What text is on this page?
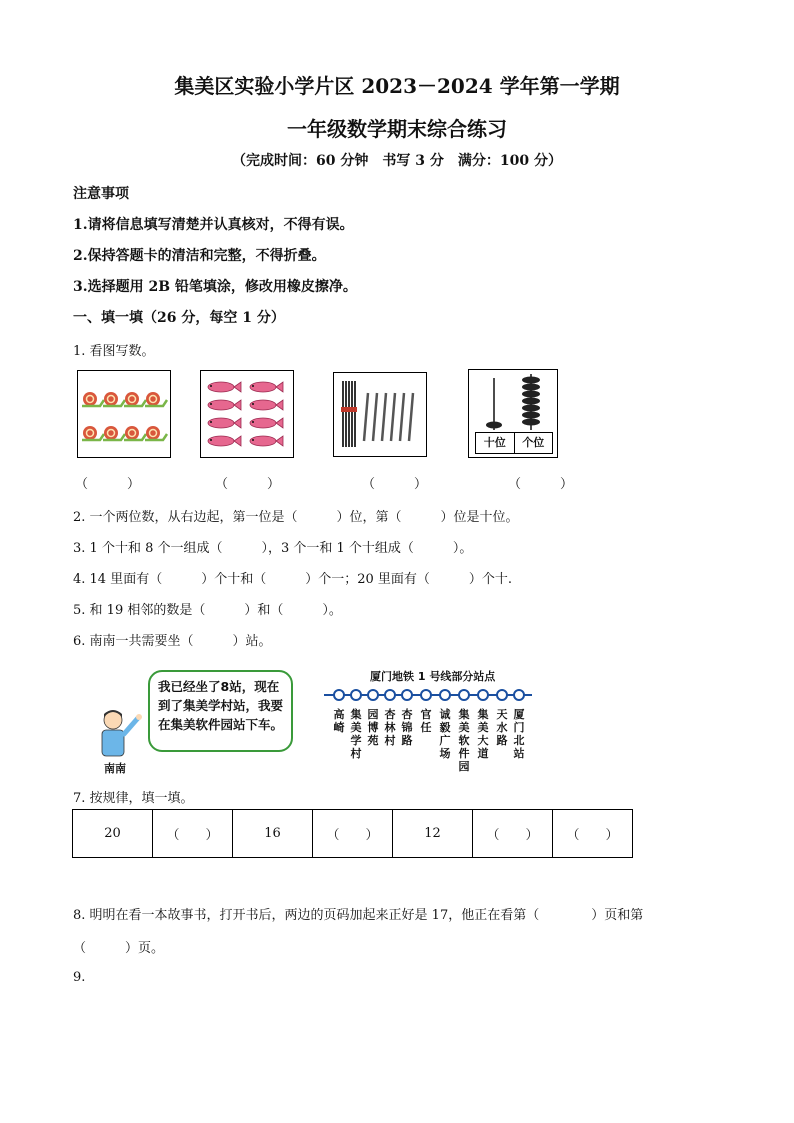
集美区实验小学片区 2023－2024 学年第一学期
一年级数学期末综合练习
（完成时间：60 分钟　书写 3 分　满分：100 分）
注意事项
1.请将信息填写清楚并认真核对，不得有误。
2.保持答题卡的清洁和完整，不得折叠。
3.选择题用 2B 铅笔填涂，修改用橡皮擦净。
一、填一填（26 分，每空 1 分）
1. 看图写数。
十位	个位
（　　　）	（　　　）	（　　　）	（　　　）
2. 一个两位数，从右边起，第一位是（　　　）位，第（　　　）位是十位。
3. 1 个十和 8 个一组成（　　　），3 个一和 1 个十组成（　　　）。
4. 14 里面有（　　　）个十和（　　　）个一；20 里面有（　　　）个十.
5. 和 19 相邻的数是（　　　）和（　　　）。
6. 南南一共需要坐（　　　）站。
南南
我已经坐了8站，现在到了集美学村站，我要在集美软件园站下车。
厦门地铁 1 号线部分站点
高崎
集美学村
园博苑
杏林村
杏锦路
官任
诚毅广场
集美软件园
集美大道
天水路
厦门北站
7. 按规律，填一填。
20	（　　）	16	（　　）	12	（　　）	（　　）
8. 明明在看一本故事书，打开书后，两边的页码加起来正好是 17，他正在看第（　　　　）页和第
（　　　）页。
9.
